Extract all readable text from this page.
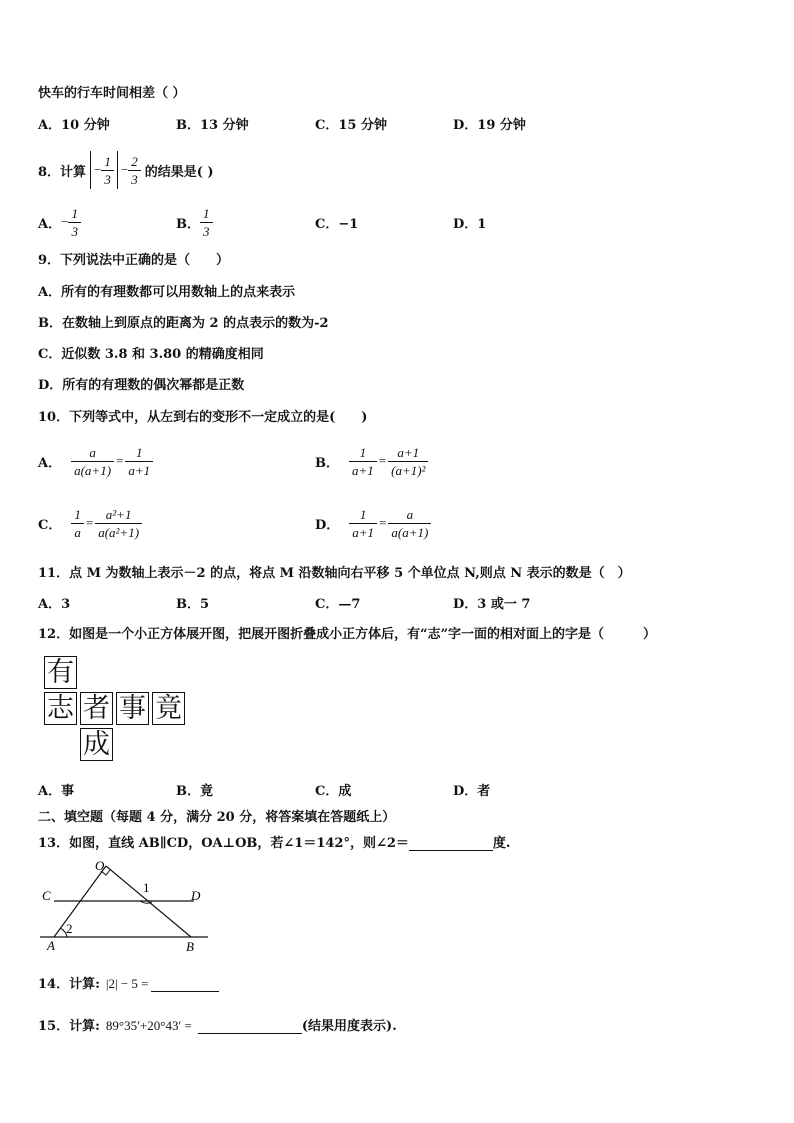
快车的行车时间相差（ ）
A．10 分钟	B．13 分钟	C．15 分钟	D．19 分钟
8．计算 − $\frac{1}{3} - \frac{2}{3}$ 的结果是( )
A． − $\frac{1}{3}$	B． $\frac{1}{3}$	C．−1	D．1
9．下列说法中正确的是（　　）
A．所有的有理数都可以用数轴上的点来表示
B．在数轴上到原点的距离为 2 的点表示的数为-2
C．近似数 3.8 和 3.80 的精确度相同
D．所有的有理数的偶次幂都是正数
10．下列等式中，从左到右的变形不一定成立的是(　　)
A． $\frac{a}{a(a+1)} = \frac{1}{a+1}$	B． $\frac{1}{a+1} = \frac{a+1}{\text{(a+1)²}}$
C． $\frac{1}{a} = \frac{\text{a²+1}}{\text{a(a²+1)}}$	D． $\frac{1}{a+1} = \frac{a}{a(a+1)}$
11．点 M 为数轴上表示－2 的点，将点 M 沿数轴向右平移 5 个单位点 N,则点 N 表示的数是（　）
A．3	B．5	C．—7	D．3 或一 7
12．如图是一个小正方体展开图，把展开图折叠成小正方体后，有“志”字一面的相对面上的字是（　　　）
有
志 者 事 竟
成
A．事	B．竟	C．成	D．者
二、填空题（每题 4 分，满分 20 分，将答案填在答题纸上）
13．如图，直线 AB∥CD，OA⊥OB，若∠1＝142°，则∠2＝	度.
O
C	D
A	B
1
2
14．计算: |2| − 5 =
15．计算: 89°35′+20°43′ =	(结果用度表示).
